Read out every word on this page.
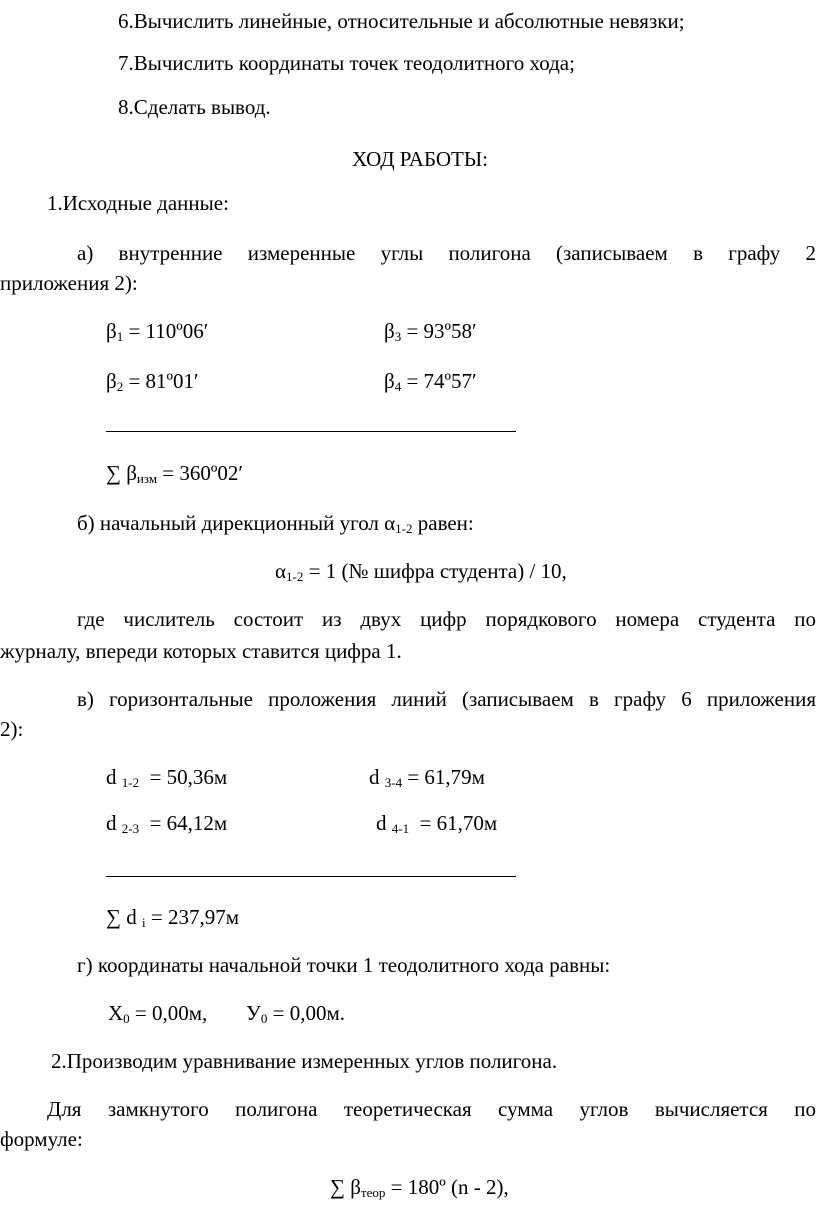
6.Вычислить линейные, относительные и абсолютные невязки;
7.Вычислить координаты точек теодолитного хода;
8.Сделать вывод.
ХОД РАБОТЫ:
1.Исходные данные:
а) внутренние измеренные углы полигона (записываем в графу 2
приложения 2):
$\beta_1$ = 110º06′	$\beta_3$ = 93º58′
$\beta_2$ = 81º01′	$\beta_4$ = 74º57′
∑ $\beta_{изм}$ = 360º02′
б) начальный дирекционный угол $\alpha_{1-2}$ равен:
$\alpha_{1-2} = 1$ (№ шифра студента) / 10,
где числитель состоит из двух цифр порядкового номера студента по
журналу, впереди которых ставится цифра 1.
в) горизонтальные проложения линий (записываем в графу 6 приложения
2):
d $_{1-2}$  = 50,36м	d $_{3-4}$ = 61,79м
d $_{2-3}$  = 64,12м	d $_{4-1}$  = 61,70м
∑ d $_i$ = 237,97м
г) координаты начальной точки 1 теодолитного хода равны:
$Х_0 = 0,00м$, $У_0 = 0,00м$.
2.Производим уравнивание измеренных углов полигона.
Для замкнутого полигона теоретическая сумма углов вычисляется по
формуле:
∑ $\beta_{теор}$ = 180º (n - 2),
